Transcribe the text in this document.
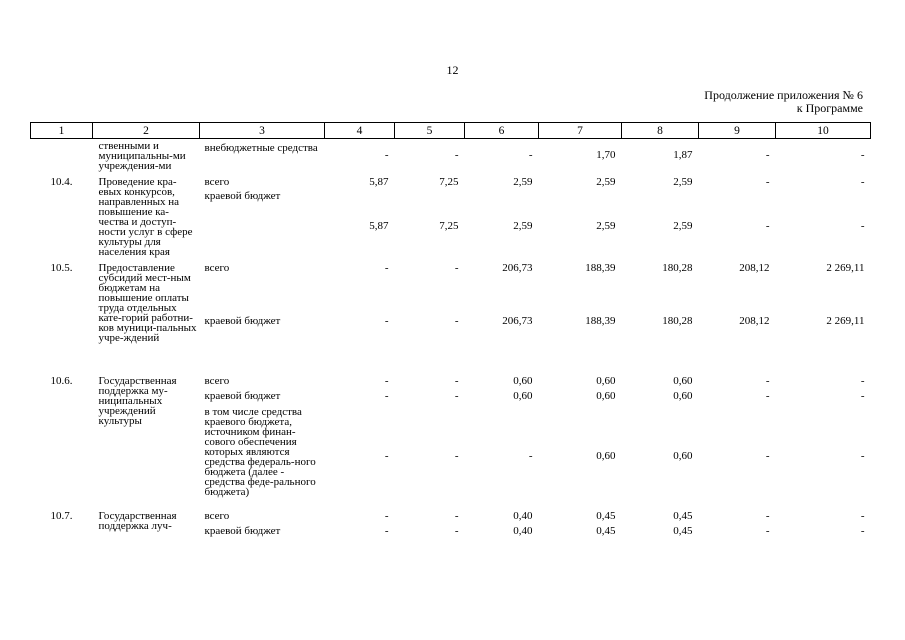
12
Продолжение приложения № 6
к Программе
1	2	3	4	5	6	7	8	9	10
	ственными и муниципальны-ми учреждения-ми	внебюджетные средства	-	-	-	1,70	1,87	-	-
10.4.	Проведение кра-евых конкурсов, направленных на повышение ка-чества и доступ-ности услуг в сфере культуры для населения края	всего	5,87	7,25	2,59	2,59	2,59	-	-
		краевой бюджет	5,87	7,25	2,59	2,59	2,59	-	-
10.5.	Предоставление субсидий мест-ным бюджетам на повышение оплаты труда отдельных кате-горий работни-ков муници-пальных учре-ждений	всего	-	-	206,73	188,39	180,28	208,12	2 269,11
		краевой бюджет	-	-	206,73	188,39	180,28	208,12	2 269,11
10.6.	Государственная поддержка му-ниципальных учреждений культуры	всего	-	-	0,60	0,60	0,60	-	-
		краевой бюджет	-	-	0,60	0,60	0,60	-	-
		в том числе средства краевого бюджета, источником финан-сового обеспечения которых являются средства федераль-ного бюджета (далее - средства феде-рального бюджета)	-	-	-	0,60	0,60	-	-
10.7.	Государственная поддержка луч-	всего	-	-	0,40	0,45	0,45	-	-
		краевой бюджет	-	-	0,40	0,45	0,45	-	-
